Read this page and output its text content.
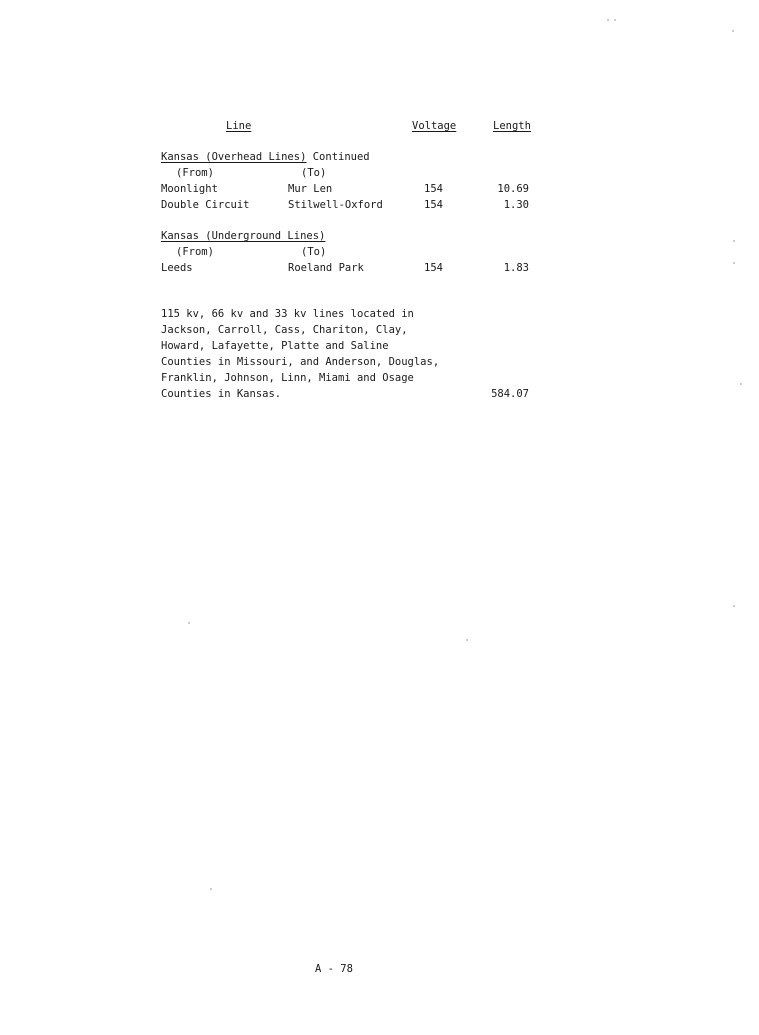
Line	Voltage	Length
Kansas (Overhead Lines) Continued
(From)	(To)
Moonlight	Mur Len	154	10.69
Double Circuit	Stilwell-Oxford	154	1.30
Kansas (Underground Lines)
(From)	(To)
Leeds	Roeland Park	154	1.83
115 kv, 66 kv and 33 kv lines located in
Jackson, Carroll, Cass, Chariton, Clay,
Howard, Lafayette, Platte and Saline
Counties in Missouri, and Anderson, Douglas,
Franklin, Johnson, Linn, Miami and Osage
Counties in Kansas.	584.07
A - 78
